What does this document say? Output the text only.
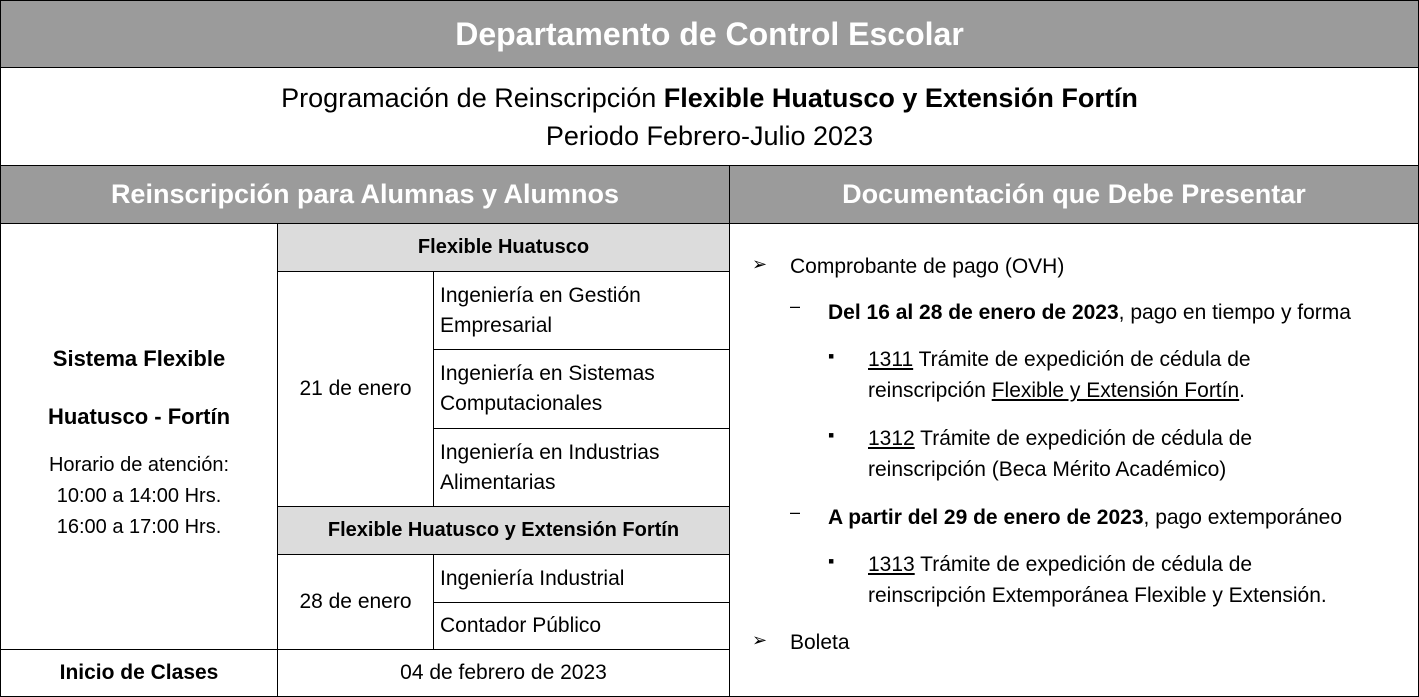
Departamento de Control Escolar
Programación de Reinscripción Flexible Huatusco y Extensión Fortín
Periodo Febrero-Julio 2023
Reinscripción para Alumnas y Alumnos	Documentación que Debe Presentar
Sistema Flexible
Huatusco - Fortín
Horario de atención:
10:00 a 14:00 Hrs.
16:00 a 17:00 Hrs.
Flexible Huatusco
21 de enero
Ingeniería en Gestión
Empresarial
Ingeniería en Sistemas
Computacionales
Ingeniería en Industrias
Alimentarias
Flexible Huatusco y Extensión Fortín
28 de enero
Ingeniería Industrial
Contador Público
Inicio de Clases	04 de febrero de 2023
➢ Comprobante de pago (OVH)
– Del 16 al 28 de enero de 2023, pago en tiempo y forma
▪ 1311 Trámite de expedición de cédula de
reinscripción Flexible y Extensión Fortín.
▪ 1312 Trámite de expedición de cédula de
reinscripción (Beca Mérito Académico)
– A partir del 29 de enero de 2023, pago extemporáneo
▪ 1313 Trámite de expedición de cédula de
reinscripción Extemporánea Flexible y Extensión.
➢ Boleta
